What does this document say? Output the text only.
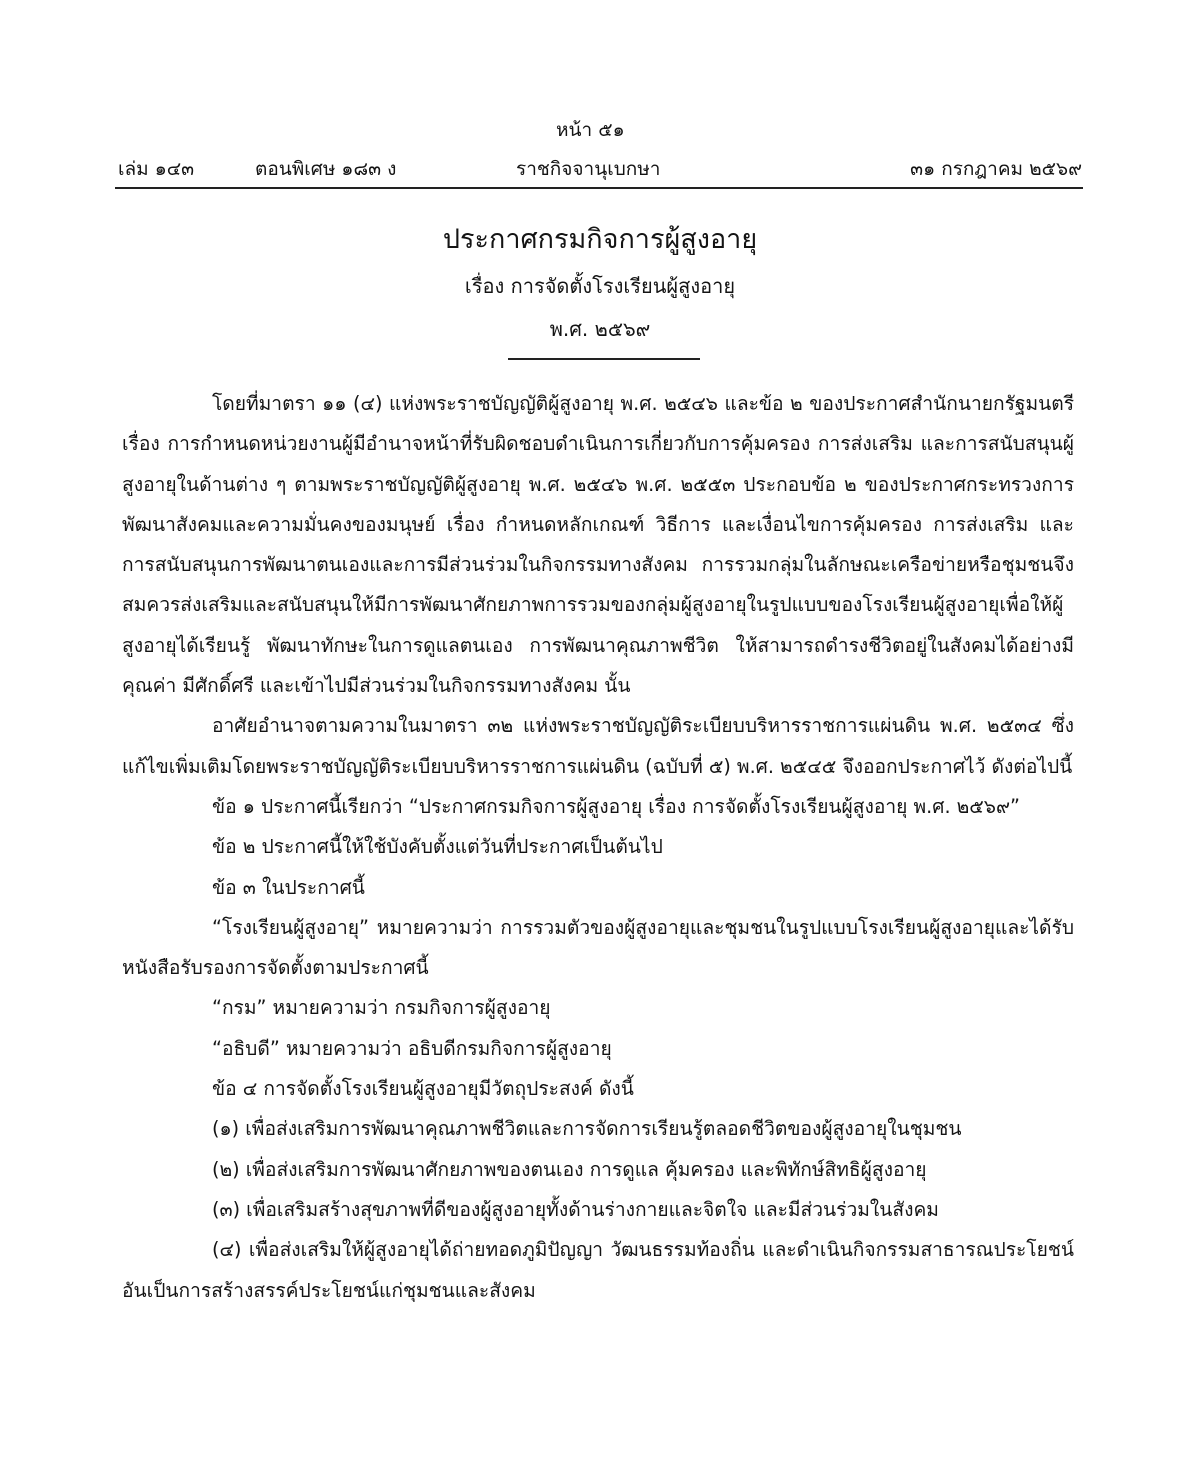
หน้า ๕๑
เล่ม ๑๔๓	ตอนพิเศษ ๑๘๓ ง	ราชกิจจานุเบกษา	๓๑ กรกฎาคม ๒๕๖๙
ประกาศกรมกิจการผู้สูงอายุ
เรื่อง การจัดตั้งโรงเรียนผู้สูงอายุ
พ.ศ. ๒๕๖๙

โดยที่มาตรา ๑๑ (๔) แห่งพระราชบัญญัติผู้สูงอายุ พ.ศ. ๒๕๔๖ และข้อ ๒ ของประกาศสำนักนายกรัฐมนตรี เรื่อง การกำหนดหน่วยงานผู้มีอำนาจหน้าที่รับผิดชอบดำเนินการเกี่ยวกับการคุ้มครอง การส่งเสริม และการสนับสนุนผู้สูงอายุในด้านต่าง ๆ ตามพระราชบัญญัติผู้สูงอายุ พ.ศ. ๒๕๔๖ พ.ศ. ๒๕๕๓ ประกอบข้อ ๒ ของประกาศกระทรวงการพัฒนาสังคมและความมั่นคงของมนุษย์ เรื่อง กำหนดหลักเกณฑ์ วิธีการ และเงื่อนไขการคุ้มครอง การส่งเสริม และการสนับสนุนการพัฒนาตนเองและการมีส่วนร่วมในกิจกรรมทางสังคม การรวมกลุ่มในลักษณะเครือข่ายหรือชุมชนจึงสมควรส่งเสริมและสนับสนุนให้มีการพัฒนาศักยภาพการรวมของกลุ่มผู้สูงอายุในรูปแบบของโรงเรียนผู้สูงอายุเพื่อให้ผู้สูงอายุได้เรียนรู้ พัฒนาทักษะในการดูแลตนเอง การพัฒนาคุณภาพชีวิต ให้สามารถดำรงชีวิตอยู่ในสังคมได้อย่างมีคุณค่า มีศักดิ์ศรี และเข้าไปมีส่วนร่วมในกิจกรรมทางสังคม นั้น

อาศัยอำนาจตามความในมาตรา ๓๒ แห่งพระราชบัญญัติระเบียบบริหารราชการแผ่นดิน พ.ศ. ๒๕๓๔ ซึ่งแก้ไขเพิ่มเติมโดยพระราชบัญญัติระเบียบบริหารราชการแผ่นดิน (ฉบับที่ ๕) พ.ศ. ๒๕๔๕ จึงออกประกาศไว้ ดังต่อไปนี้

ข้อ ๑ ประกาศนี้เรียกว่า “ประกาศกรมกิจการผู้สูงอายุ เรื่อง การจัดตั้งโรงเรียนผู้สูงอายุ พ.ศ. ๒๕๖๙”

ข้อ ๒ ประกาศนี้ให้ใช้บังคับตั้งแต่วันที่ประกาศเป็นต้นไป

ข้อ ๓ ในประกาศนี้

“โรงเรียนผู้สูงอายุ” หมายความว่า การรวมตัวของผู้สูงอายุและชุมชนในรูปแบบโรงเรียนผู้สูงอายุและได้รับหนังสือรับรองการจัดตั้งตามประกาศนี้

“กรม” หมายความว่า กรมกิจการผู้สูงอายุ

“อธิบดี” หมายความว่า อธิบดีกรมกิจการผู้สูงอายุ

ข้อ ๔ การจัดตั้งโรงเรียนผู้สูงอายุมีวัตถุประสงค์ ดังนี้

(๑) เพื่อส่งเสริมการพัฒนาคุณภาพชีวิตและการจัดการเรียนรู้ตลอดชีวิตของผู้สูงอายุในชุมชน

(๒) เพื่อส่งเสริมการพัฒนาศักยภาพของตนเอง การดูแล คุ้มครอง และพิทักษ์สิทธิผู้สูงอายุ

(๓) เพื่อเสริมสร้างสุขภาพที่ดีของผู้สูงอายุทั้งด้านร่างกายและจิตใจ และมีส่วนร่วมในสังคม

(๔) เพื่อส่งเสริมให้ผู้สูงอายุได้ถ่ายทอดภูมิปัญญา วัฒนธรรมท้องถิ่น และดำเนินกิจกรรมสาธารณประโยชน์ อันเป็นการสร้างสรรค์ประโยชน์แก่ชุมชนและสังคม
